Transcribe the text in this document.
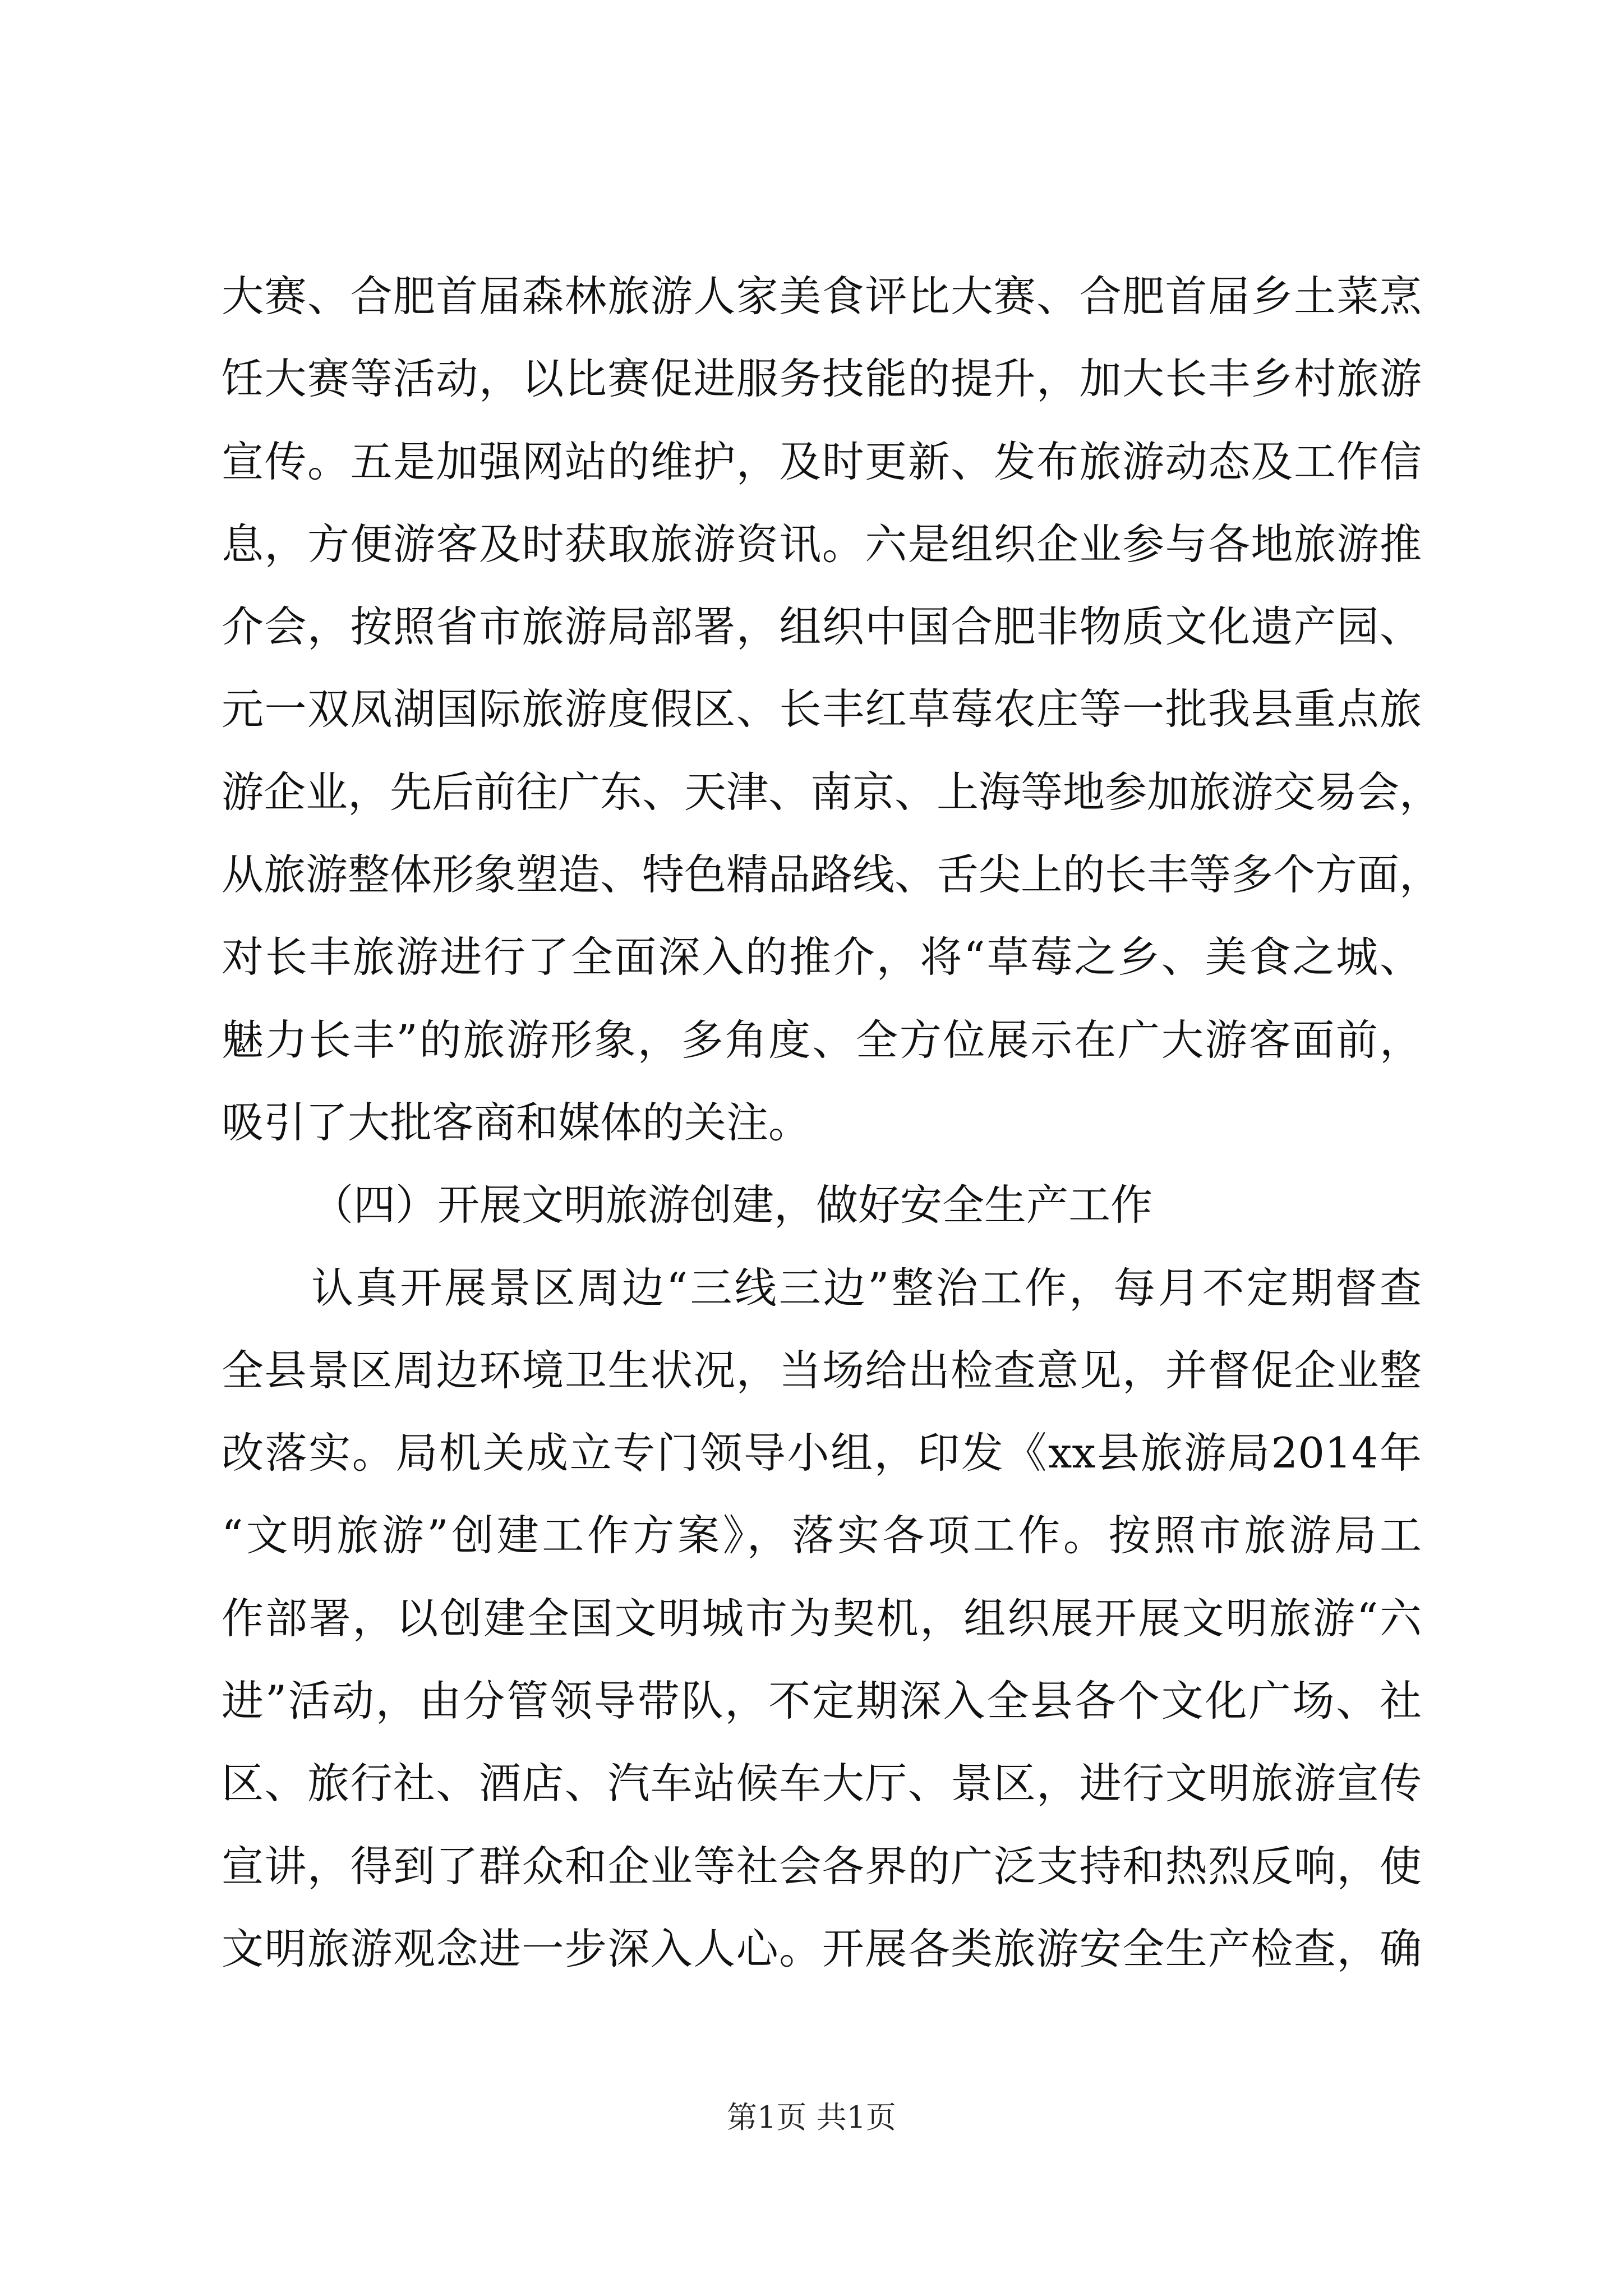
大赛、合肥首届森林旅游人家美食评比大赛、合肥首届乡土菜烹
饪大赛等活动，以比赛促进服务技能的提升，加大长丰乡村旅游
宣传。五是加强网站的维护，及时更新、发布旅游动态及工作信
息，方便游客及时获取旅游资讯。六是组织企业参与各地旅游推
介会，按照省市旅游局部署，组织中国合肥非物质文化遗产园、
元一双凤湖国际旅游度假区、长丰红草莓农庄等一批我县重点旅
游企业，先后前往广东、天津、南京、上海等地参加旅游交易会，
从旅游整体形象塑造、特色精品路线、舌尖上的长丰等多个方面，
对长丰旅游进行了全面深入的推介，将“草莓之乡、美食之城、
魅力长丰”的旅游形象，多角度、全方位展示在广大游客面前，
吸引了大批客商和媒体的关注。
（四）开展文明旅游创建，做好安全生产工作
认真开展景区周边“三线三边”整治工作，每月不定期督查
全县景区周边环境卫生状况，当场给出检查意见，并督促企业整
改落实。局机关成立专门领导小组，印发《xx县旅游局2014年
“文明旅游”创建工作方案》，落实各项工作。按照市旅游局工
作部署，以创建全国文明城市为契机，组织展开展文明旅游“六
进”活动，由分管领导带队，不定期深入全县各个文化广场、社
区、旅行社、酒店、汽车站候车大厅、景区，进行文明旅游宣传
宣讲，得到了群众和企业等社会各界的广泛支持和热烈反响，使
文明旅游观念进一步深入人心。开展各类旅游安全生产检查，确
第1页 共1页
